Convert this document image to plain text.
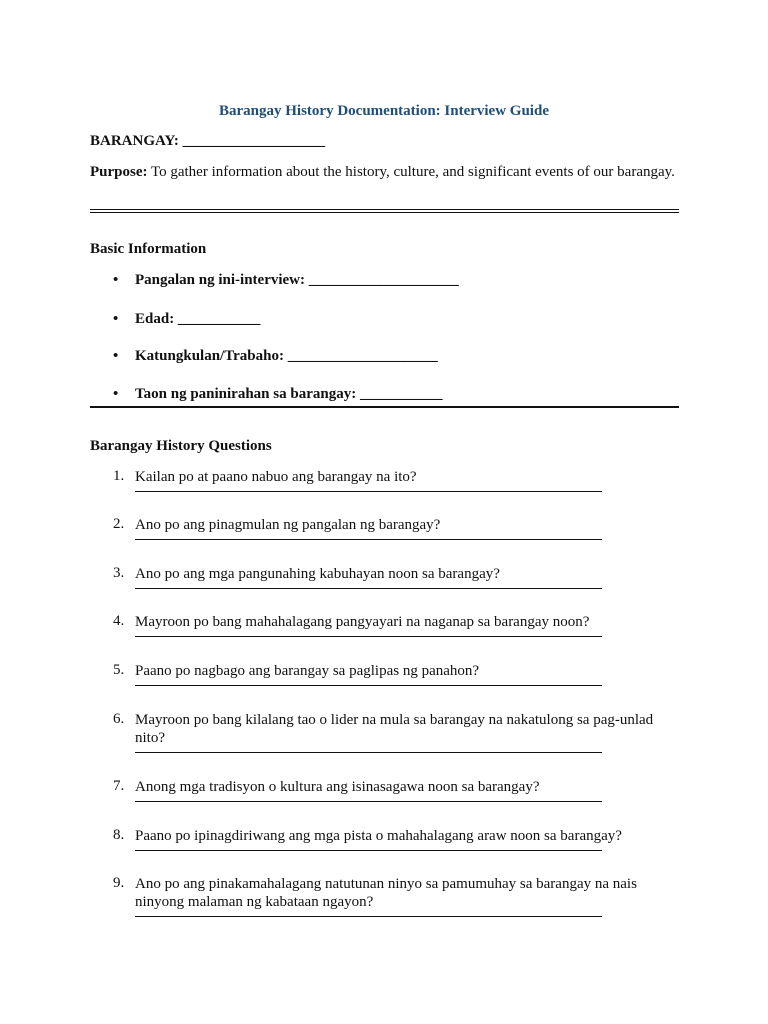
Barangay History Documentation: Interview Guide
BARANGAY: ___________________
Purpose: To gather information about the history, culture, and significant events of our barangay.
Basic Information
• Pangalan ng ini-interview: ____________________
• Edad: ___________
• Katungkulan/Trabaho: ____________________
• Taon ng paninirahan sa barangay: ___________
Barangay History Questions
1. Kailan po at paano nabuo ang barangay na ito?
2. Ano po ang pinagmulan ng pangalan ng barangay?
3. Ano po ang mga pangunahing kabuhayan noon sa barangay?
4. Mayroon po bang mahahalagang pangyayari na naganap sa barangay noon?
5. Paano po nagbago ang barangay sa paglipas ng panahon?
6. Mayroon po bang kilalang tao o lider na mula sa barangay na nakatulong sa pag-unlad nito?
7. Anong mga tradisyon o kultura ang isinasagawa noon sa barangay?
8. Paano po ipinagdiriwang ang mga pista o mahahalagang araw noon sa barangay?
9. Ano po ang pinakamahalagang natutunan ninyo sa pamumuhay sa barangay na nais ninyong malaman ng kabataan ngayon?
